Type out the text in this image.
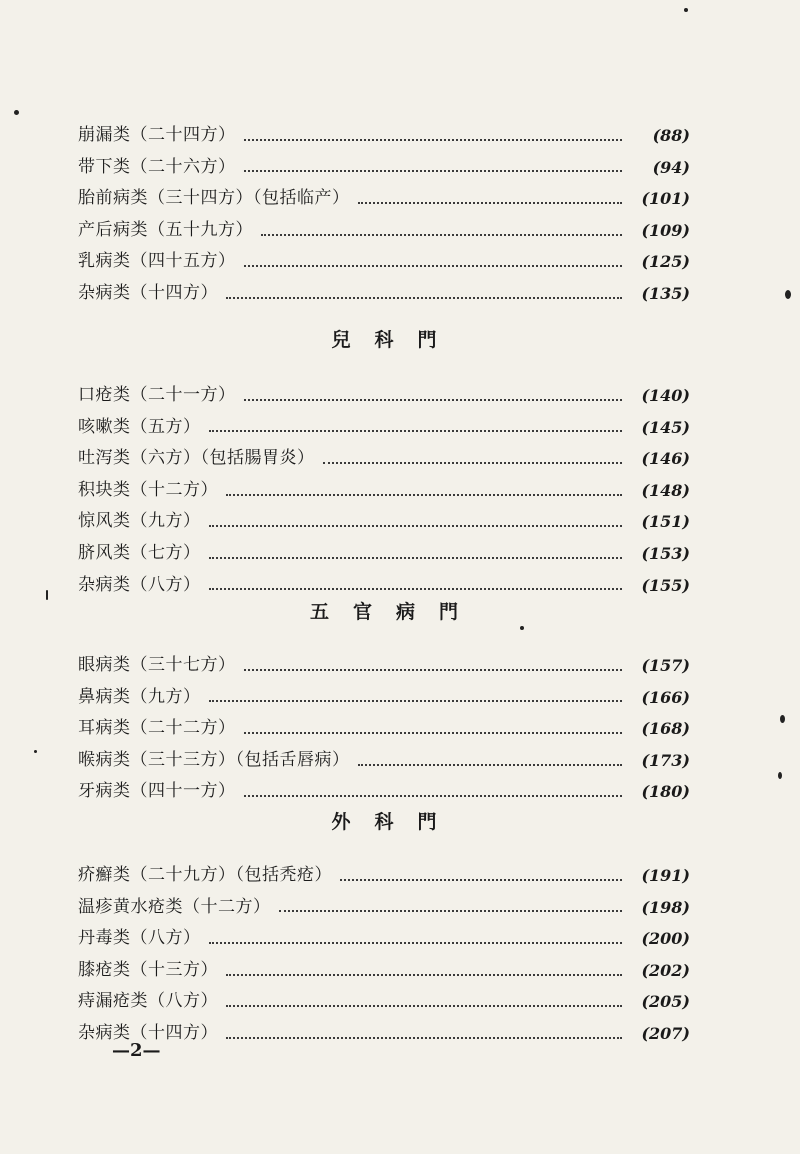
崩漏类（二十四方）	(88)
带下类（二十六方）	(94)
胎前病类（三十四方）（包括临产）	(101)
产后病类（五十九方）	(109)
乳病类（四十五方）	(125)
杂病类（十四方）	(135)
兒科門
口疮类（二十一方）	(140)
咳嗽类（五方）	(145)
吐泻类（六方）（包括腸胃炎）	(146)
积块类（十二方）	(148)
惊风类（九方）	(151)
脐风类（七方）	(153)
杂病类（八方）	(155)
五官病門
眼病类（三十七方）	(157)
鼻病类（九方）	(166)
耳病类（二十二方）	(168)
喉病类（三十三方）（包括舌唇病）	(173)
牙病类（四十一方）	(180)
外科門
疥癬类（二十九方）（包括秃疮）	(191)
温疹黄水疮类（十二方）	(198)
丹毒类（八方）	(200)
膝疮类（十三方）	(202)
痔漏疮类（八方）	(205)
杂病类（十四方）	(207)
—2—
